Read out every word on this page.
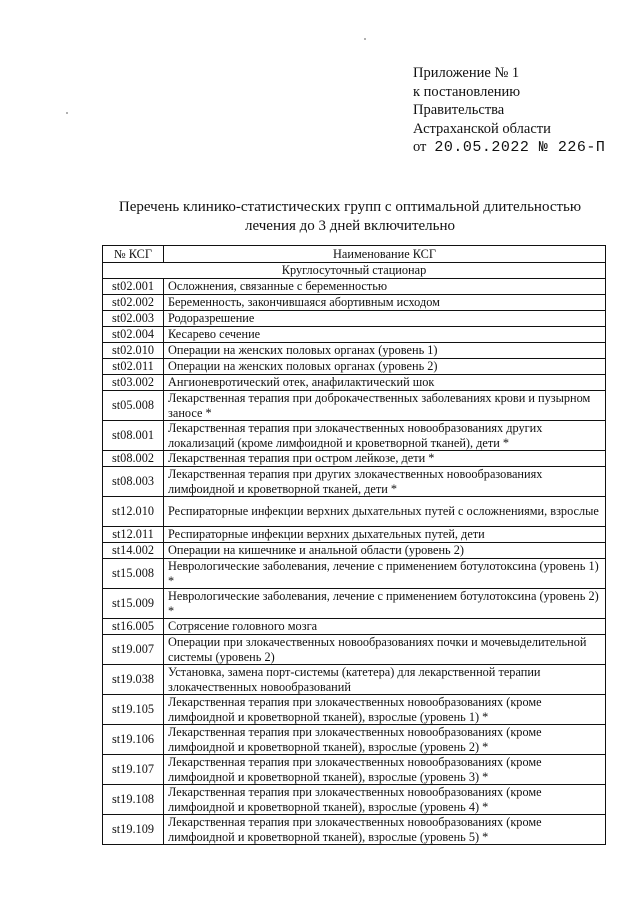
Приложение № 1
к постановлению
Правительства
Астраханской области
от 20.05.2022 № 226-П
Перечень клинико-статистических групп с оптимальной длительностью
лечения до 3 дней включительно
№ КСГ	Наименование КСГ
Круглосуточный стационар	
st02.001	Осложнения, связанные с беременностью
st02.002	Беременность, закончившаяся абортивным исходом
st02.003	Родоразрешение
st02.004	Кесарево сечение
st02.010	Операции на женских половых органах (уровень 1)
st02.011	Операции на женских половых органах (уровень 2)
st03.002	Ангионевротический отек, анафилактический шок
st05.008	Лекарственная терапия при доброкачественных заболеваниях крови и пузырном заносе *
st08.001	Лекарственная терапия при злокачественных новообразованиях других локализаций (кроме лимфоидной и кроветворной тканей), дети *
st08.002	Лекарственная терапия при остром лейкозе, дети *
st08.003	Лекарственная терапия при других злокачественных новообразованиях лимфоидной и кроветворной тканей, дети *
st12.010	Респираторные инфекции верхних дыхательных путей с осложнениями, взрослые
st12.011	Респираторные инфекции верхних дыхательных путей, дети
st14.002	Операции на кишечнике и анальной области (уровень 2)
st15.008	Неврологические заболевания, лечение с применением ботулотоксина (уровень 1) *
st15.009	Неврологические заболевания, лечение с применением ботулотоксина (уровень 2) *
st16.005	Сотрясение головного мозга
st19.007	Операции при злокачественных новообразованиях почки и мочевыделительной системы (уровень 2)
st19.038	Установка, замена порт-системы (катетера) для лекарственной терапии злокачественных новообразований
st19.105	Лекарственная терапия при злокачественных новообразованиях (кроме лимфоидной и кроветворной тканей), взрослые (уровень 1) *
st19.106	Лекарственная терапия при злокачественных новообразованиях (кроме лимфоидной и кроветворной тканей), взрослые (уровень 2) *
st19.107	Лекарственная терапия при злокачественных новообразованиях (кроме лимфоидной и кроветворной тканей), взрослые (уровень 3) *
st19.108	Лекарственная терапия при злокачественных новообразованиях (кроме лимфоидной и кроветворной тканей), взрослые (уровень 4) *
st19.109	Лекарственная терапия при злокачественных новообразованиях (кроме лимфоидной и кроветворной тканей), взрослые (уровень 5) *
